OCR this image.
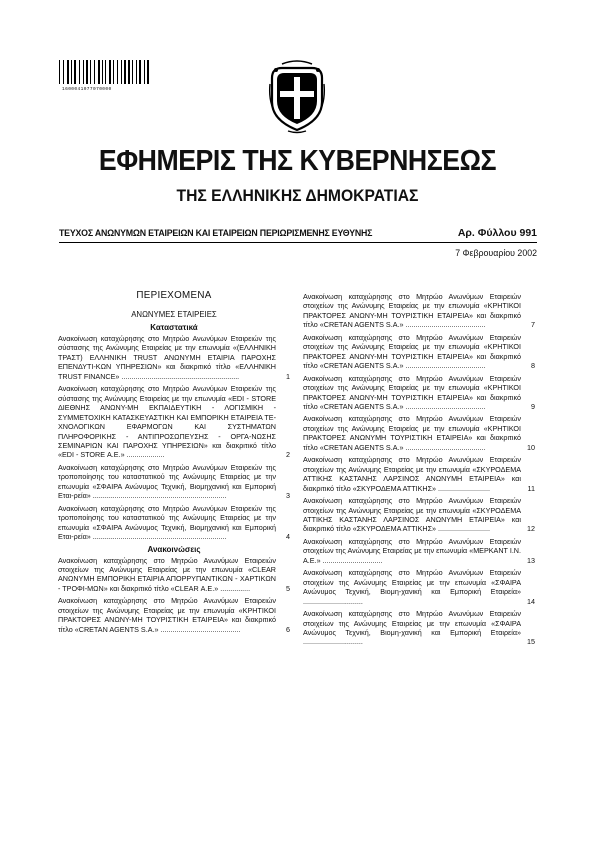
1600041077070000
ΕΦΗΜΕΡΙΣ ΤΗΣ ΚΥΒΕΡΝΗΣΕΩΣ
ΤΗΣ ΕΛΛΗΝΙΚΗΣ ΔΗΜΟΚΡΑΤΙΑΣ
ΤΕΥΧΟΣ ΑΝΩΝΥΜΩΝ ΕΤΑΙΡΕΙΩΝ ΚΑΙ ΕΤΑΙΡΕΙΩΝ ΠΕΡΙΩΡΙΣΜΕΝΗΣ ΕΥΘΥΝΗΣ	Αρ. Φύλλου 991
7 Φεβρουαρίου 2002
ΠΕΡΙΕΧΟΜΕΝΑ
ΑΝΩΝΥΜΕΣ ΕΤΑΙΡΕΙΕΣ
Καταστατικά
Ανακοίνωση καταχώρησης στο Μητρώο Ανωνύμων Εταιρειών της σύστασης της Ανώνυμης Εταιρείας με την επωνυμία «(ΕΛΛΗΝΙΚΗ ΤΡΑΣΤ) ΕΛΛΗΝΙΚΗ TRUST ΑΝΩΝΥΜΗ ΕΤΑΙΡΙΑ ΠΑΡΟΧΗΣ ΕΠΕΝΔΥΤΙ-ΚΩΝ ΥΠΗΡΕΣΙΩΝ» και διακριτικό τίτλο «ΕΛΛΗΝΙΚΗ TRUST FINANCE» ...........................................................	1
Ανακοίνωση καταχώρησης στο Μητρώο Ανωνύμων Εταιρειών της σύστασης της Ανώνυμης Εταιρείας με την επωνυμία «EDI - STORE ΔΙΕΘΝΗΣ ΑΝΩΝΥ-ΜΗ ΕΚΠΑΙΔΕΥΤΙΚΗ - ΛΟΓΙΣΜΙΚΗ - ΣΥΜΜΕΤΟΧΙΚΗ ΚΑΤΑΣΚΕΥΑΣΤΙΚΗ ΚΑΙ ΕΜΠΟΡΙΚΗ ΕΤΑΙΡΕΙΑ ΤΕ-ΧΝΟΛΟΓΙΚΩΝ ΕΦΑΡΜΟΓΩΝ ΚΑΙ ΣΥΣΤΗΜΑΤΩΝ ΠΛΗΡΟΦΟΡΙΚΗΣ - ΑΝΤΙΠΡΟΣΩΠΕΥΣΗΣ - ΟΡΓΑ-ΝΩΣΗΣ ΣΕΜΙΝΑΡΙΩΝ ΚΑΙ ΠΑΡΟΧΗΣ ΥΠΗΡΕΣΙΩΝ» και διακριτικό τίτλο «EDI - STORE Α.Ε.» ...................	2
Ανακοίνωση καταχώρησης στο Μητρώο Ανωνύμων Εταιρειών της τροποποίησης του καταστατικού της Ανώνυμης Εταιρείας με την επωνυμία «ΣΦΑΙΡΑ Ανώνυμος Τεχνική, Βιομηχανική και Εμπορική Εται-ρεία» ...................................................................	3
Ανακοίνωση καταχώρησης στο Μητρώο Ανωνύμων Εταιρειών της τροποποίησης του καταστατικού της Ανώνυμης Εταιρείας με την επωνυμία «ΣΦΑΙΡΑ Ανώνυμος Τεχνική, Βιομηχανική και Εμπορική Εται-ρεία» ...................................................................	4
Ανακοινώσεις
Ανακοίνωση καταχώρησης στο Μητρώο Ανωνύμων Εταιρειών στοιχείων της Ανώνυμης Εταιρείας με την επωνυμία «CLEAR ΑΝΩΝΥΜΗ ΕΜΠΟΡΙΚΗ ΕΤΑΙΡΙΑ ΑΠΟΡΡΥΠΑΝΤΙΚΩΝ - ΧΑΡΤΙΚΩΝ - ΤΡΟΦΙ-ΜΩΝ» και διακριτικό τίτλο «CLEAR Α.Ε.» ...............	5
Ανακοίνωση καταχώρησης στο Μητρώο Ανωνύμων Εταιρειών στοιχείων της Ανώνυμης Εταιρείας με την επωνυμία «ΚΡΗΤΙΚΟΙ ΠΡΑΚΤΟΡΕΣ ΑΝΩΝΥ-ΜΗ ΤΟΥΡΙΣΤΙΚΗ ΕΤΑΙΡΕΙΑ» και διακριτικό τίτλο «CRETAN AGENTS S.A.» ........................................	6
Ανακοίνωση καταχώρησης στο Μητρώο Ανωνύμων Εταιρειών στοιχείων της Ανώνυμης Εταιρείας με την επωνυμία «ΚΡΗΤΙΚΟΙ ΠΡΑΚΤΟΡΕΣ ΑΝΩΝΥ-ΜΗ ΤΟΥΡΙΣΤΙΚΗ ΕΤΑΙΡΕΙΑ» και διακριτικό τίτλο «CRETAN AGENTS S.A.» ........................................	7
Ανακοίνωση καταχώρησης στο Μητρώο Ανωνύμων Εταιρειών στοιχείων της Ανώνυμης Εταιρείας με την επωνυμία «ΚΡΗΤΙΚΟΙ ΠΡΑΚΤΟΡΕΣ ΑΝΩΝΥ-ΜΗ ΤΟΥΡΙΣΤΙΚΗ ΕΤΑΙΡΕΙΑ» και διακριτικό τίτλο «CRETAN AGENTS S.A.» ........................................	8
Ανακοίνωση καταχώρησης στο Μητρώο Ανωνύμων Εταιρειών στοιχείων της Ανώνυμης Εταιρείας με την επωνυμία «ΚΡΗΤΙΚΟΙ ΠΡΑΚΤΟΡΕΣ ΑΝΩΝΥ-ΜΗ ΤΟΥΡΙΣΤΙΚΗ ΕΤΑΙΡΕΙΑ» και διακριτικό τίτλο «CRETAN AGENTS S.A.» ........................................	9
Ανακοίνωση καταχώρησης στο Μητρώο Ανωνύμων Εταιρειών στοιχείων της Ανώνυμης Εταιρείας με την επωνυμία «ΚΡΗΤΙΚΟΙ ΠΡΑΚΤΟΡΕΣ ΑΝΩΝΥΜΗ ΤΟΥΡΙΣΤΙΚΗ ΕΤΑΙΡΕΙΑ» και διακριτικό τίτλο «CRETAN AGENTS S.A.» ........................................	10
Ανακοίνωση καταχώρησης στο Μητρώο Ανωνύμων Εταιρειών στοιχείων της Ανώνυμης Εταιρείας με την επωνυμία «ΣΚΥΡΟΔΕΜΑ ΑΤΤΙΚΗΣ ΚΑΣΤΑΝΗΣ ΛΑΡΣΙΝΟΣ ΑΝΩΝΥΜΗ ΕΤΑΙΡΕΙΑ» και διακριτικό τίτλο «ΣΚΥΡΟΔΕΜΑ ΑΤΤΙΚΗΣ» ..........................	11
Ανακοίνωση καταχώρησης στο Μητρώο Ανωνύμων Εταιρειών στοιχείων της Ανώνυμης Εταιρείας με την επωνυμία «ΣΚΥΡΟΔΕΜΑ ΑΤΤΙΚΗΣ ΚΑΣΤΑΝΗΣ ΛΑΡΣΙΝΟΣ ΑΝΩΝΥΜΗ ΕΤΑΙΡΕΙΑ» και διακριτικό τίτλο «ΣΚΥΡΟΔΕΜΑ ΑΤΤΙΚΗΣ» ..........................	12
Ανακοίνωση καταχώρησης στο Μητρώο Ανωνύμων Εταιρειών στοιχείων της Ανώνυμης Εταιρείας με την επωνυμία «ΜΕΡΚΑΝΤ Ι.Ν. Α.Ε.» ..............................	13
Ανακοίνωση καταχώρησης στο Μητρώο Ανωνύμων Εταιρειών στοιχείων της Ανώνυμης Εταιρείας με την επωνυμία «ΣΦΑΙΡΑ Ανώνυμος Τεχνική, Βιομη-χανική και Εμπορική Εταιρεία» ..............................	14
Ανακοίνωση καταχώρησης στο Μητρώο Ανωνύμων Εταιρειών στοιχείων της Ανώνυμης Εταιρείας με την επωνυμία «ΣΦΑΙΡΑ Ανώνυμος Τεχνική, Βιομη-χανική και Εμπορική Εταιρεία» ..............................	15
